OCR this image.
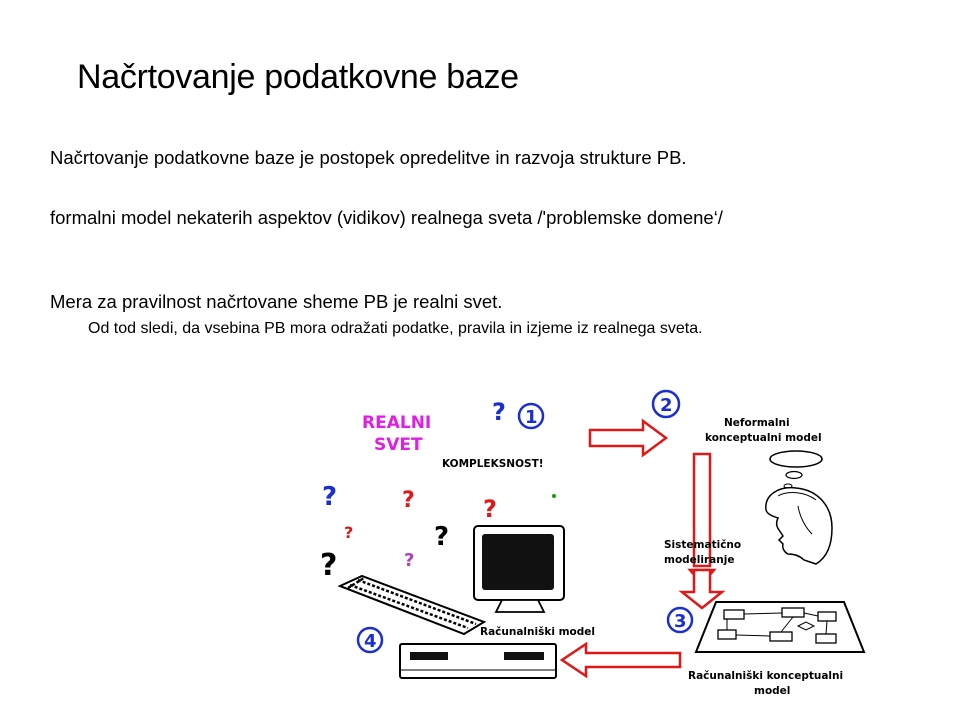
Načrtovanje podatkovne baze

Načrtovanje podatkovne baze je postopek opredelitve in razvoja strukture PB.

formalni model nekaterih aspektov (vidikov) realnega sveta /'problemske domene‘/

Mera za pravilnost načrtovane sheme PB je realni svet.

Od tod sledi, da vsebina PB mora odražati podatke, pravila in izjeme iz realnega sveta.

REALNI
SVET
KOMPLEKSNOST!
?
?	?	?
?	?
?	?
1
2
Neformalni
konceptualni model
Sistematično
modeliranje
3
Računalniški konceptualni
model
Računalniški model
4
